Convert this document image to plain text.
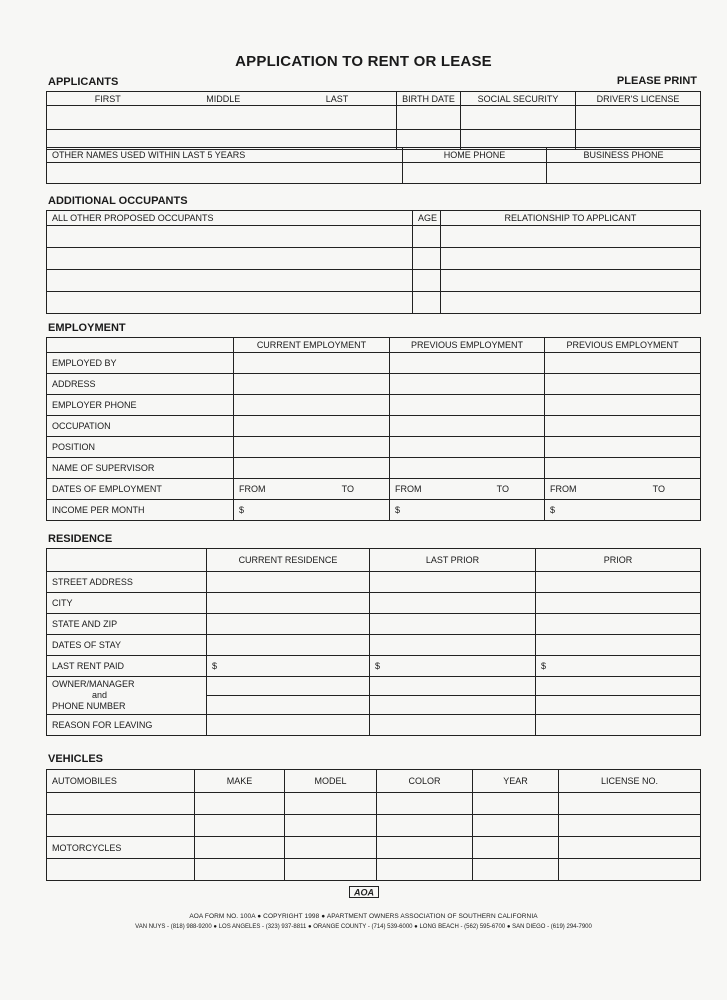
APPLICATION TO RENT OR LEASE
APPLICANTS	PLEASE PRINT
FIRST MIDDLE LAST	BIRTH DATE	SOCIAL SECURITY	DRIVER'S LICENSE

OTHER NAMES USED WITHIN LAST 5 YEARS	HOME PHONE	BUSINESS PHONE

ADDITIONAL OCCUPANTS
ALL OTHER PROPOSED OCCUPANTS	AGE	RELATIONSHIP TO APPLICANT

EMPLOYMENT
	CURRENT EMPLOYMENT	PREVIOUS EMPLOYMENT	PREVIOUS EMPLOYMENT
EMPLOYED BY			
ADDRESS			
EMPLOYER PHONE			
OCCUPATION			
POSITION			
NAME OF SUPERVISOR			
DATES OF EMPLOYMENT	FROM TO	FROM TO	FROM TO

INCOME PER MONTH	$	$	$
RESIDENCE
	CURRENT RESIDENCE	LAST PRIOR	PRIOR
STREET ADDRESS			
CITY			
STATE AND ZIP			
DATES OF STAY			
LAST RENT PAID	$	$	$

OWNER/MANAGER
and
PHONE NUMBER			

REASON FOR LEAVING			
VEHICLES
AUTOMOBILES	MAKE	MODEL	COLOR	YEAR	LICENSE NO.

MOTORCYCLES					

AOA
AOA FORM NO. 100A ● COPYRIGHT 1998 ● APARTMENT OWNERS ASSOCIATION OF SOUTHERN CALIFORNIA
VAN NUYS - (818) 988-9200 ● LOS ANGELES - (323) 937-8811 ● ORANGE COUNTY - (714) 539-6000 ● LONG BEACH - (562) 595-6700 ● SAN DIEGO - (619) 294-7900
